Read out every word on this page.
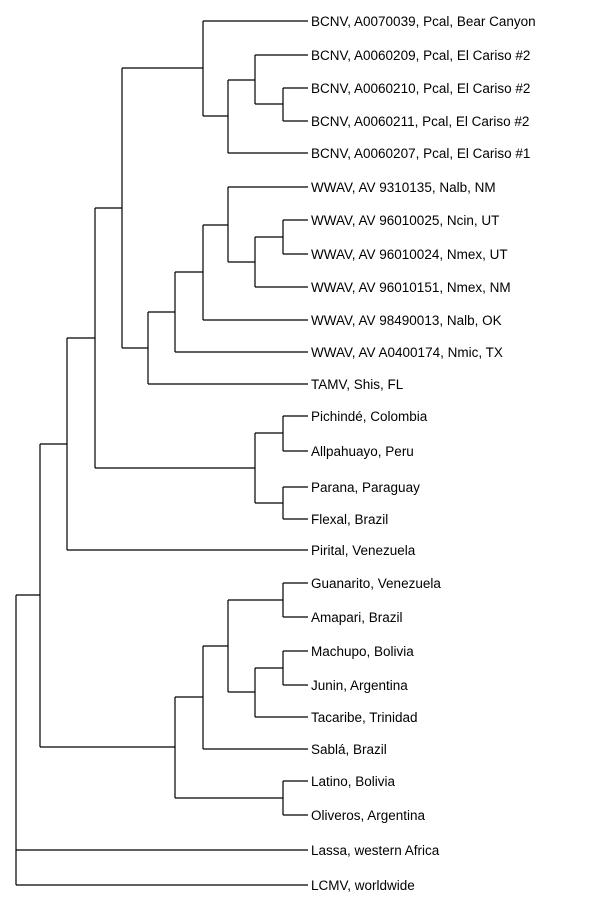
BCNV, A0070039, Pcal, Bear Canyon
BCNV, A0060209, Pcal, El Cariso #2
BCNV, A0060210, Pcal, El Cariso #2
BCNV, A0060211, Pcal, El Cariso #2
BCNV, A0060207, Pcal, El Cariso #1
WWAV, AV 9310135, Nalb, NM
WWAV, AV 96010025, Ncin, UT
WWAV, AV 96010024, Nmex, UT
WWAV, AV 96010151, Nmex, NM
WWAV, AV 98490013, Nalb, OK
WWAV, AV A0400174, Nmic, TX
TAMV, Shis, FL
Pichindé, Colombia
Allpahuayo, Peru
Parana, Paraguay
Flexal, Brazil
Pirital, Venezuela
Guanarito, Venezuela
Amapari, Brazil
Machupo, Bolivia
Junin, Argentina
Tacaribe, Trinidad
Sablá, Brazil
Latino, Bolivia
Oliveros, Argentina
Lassa, western Africa
LCMV, worldwide
